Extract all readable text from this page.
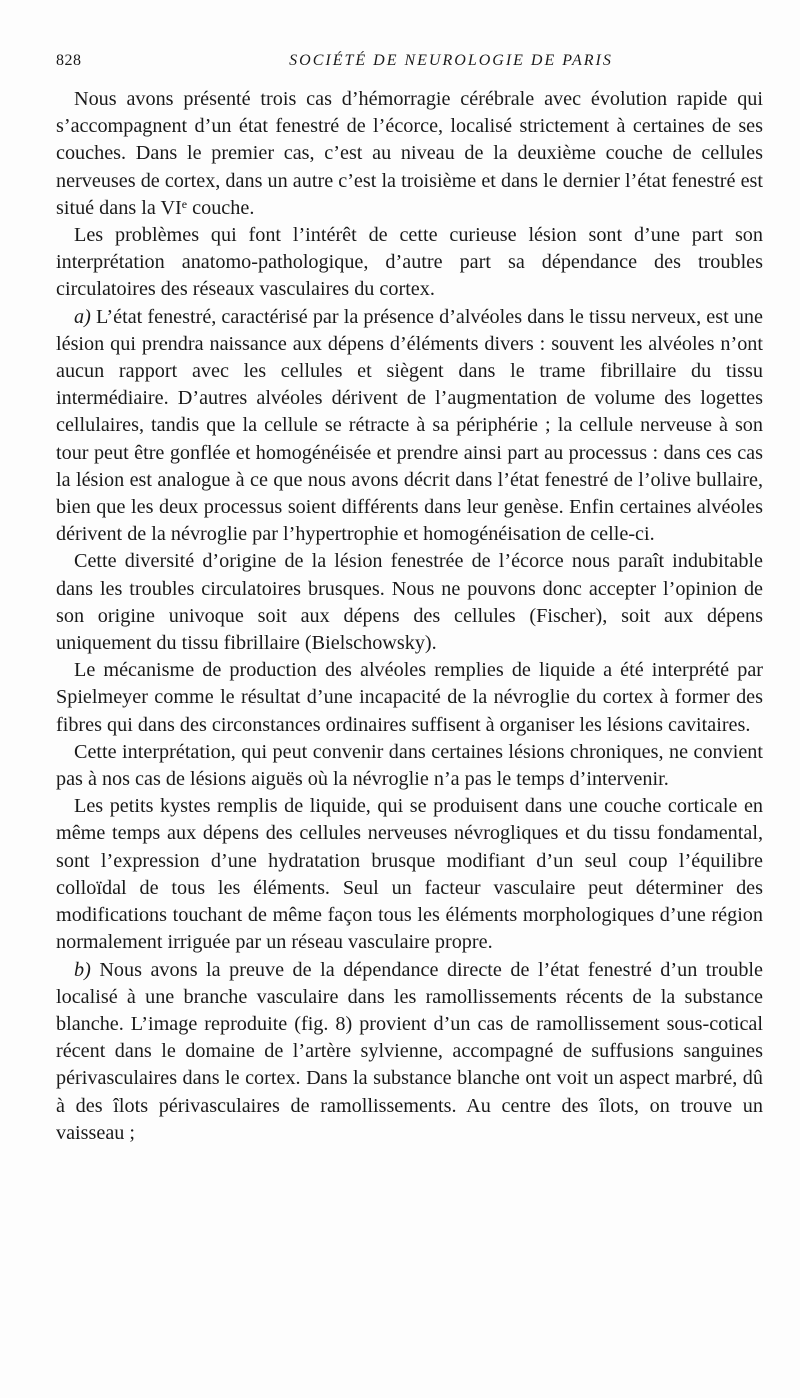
828	SOCIÉTÉ DE NEUROLOGIE DE PARIS

Nous avons présenté trois cas d’hémorragie cérébrale avec évolution rapide qui s’accompagnent d’un état fenestré de l’écorce, localisé strictement à certaines de ses couches. Dans le premier cas, c’est au niveau de la deuxième couche de cellules nerveuses de cortex, dans un autre c’est la troisième et dans le dernier l’état fenestré est situé dans la VIe couche.

Les problèmes qui font l’intérêt de cette curieuse lésion sont d’une part son interprétation anatomo-pathologique, d’autre part sa dépendance des troubles circulatoires des réseaux vasculaires du cortex.

a) L’état fenestré, caractérisé par la présence d’alvéoles dans le tissu nerveux, est une lésion qui prendra naissance aux dépens d’éléments divers : souvent les alvéoles n’ont aucun rapport avec les cellules et siègent dans le trame fibrillaire du tissu intermédiaire. D’autres alvéoles dérivent de l’augmentation de volume des logettes cellulaires, tandis que la cellule se rétracte à sa périphérie ; la cellule nerveuse à son tour peut être gonflée et homogénéisée et prendre ainsi part au processus : dans ces cas la lésion est analogue à ce que nous avons décrit dans l’état fenestré de l’olive bullaire, bien que les deux processus soient différents dans leur genèse. Enfin certaines alvéoles dérivent de la névroglie par l’hypertrophie et homogénéisation de celle-ci.

Cette diversité d’origine de la lésion fenestrée de l’écorce nous paraît indubitable dans les troubles circulatoires brusques. Nous ne pouvons donc accepter l’opinion de son origine univoque soit aux dépens des cellules (Fischer), soit aux dépens uniquement du tissu fibrillaire (Bielschowsky).

Le mécanisme de production des alvéoles remplies de liquide a été interprété par Spielmeyer comme le résultat d’une incapacité de la névroglie du cortex à former des fibres qui dans des circonstances ordinaires suffisent à organiser les lésions cavitaires.

Cette interprétation, qui peut convenir dans certaines lésions chroniques, ne convient pas à nos cas de lésions aiguës où la névroglie n’a pas le temps d’intervenir.

Les petits kystes remplis de liquide, qui se produisent dans une couche corticale en même temps aux dépens des cellules nerveuses névrogliques et du tissu fondamental, sont l’expression d’une hydratation brusque modifiant d’un seul coup l’équilibre colloïdal de tous les éléments. Seul un facteur vasculaire peut déterminer des modifications touchant de même façon tous les éléments morphologiques d’une région normalement irriguée par un réseau vasculaire propre.

b) Nous avons la preuve de la dépendance directe de l’état fenestré d’un trouble localisé à une branche vasculaire dans les ramollissements récents de la substance blanche. L’image reproduite (fig. 8) provient d’un cas de ramollissement sous-cotical récent dans le domaine de l’artère sylvienne, accompagné de suffusions sanguines périvasculaires dans le cortex. Dans la substance blanche ont voit un aspect marbré, dû à des îlots périvasculaires de ramollissements. Au centre des îlots, on trouve un vaisseau ;
